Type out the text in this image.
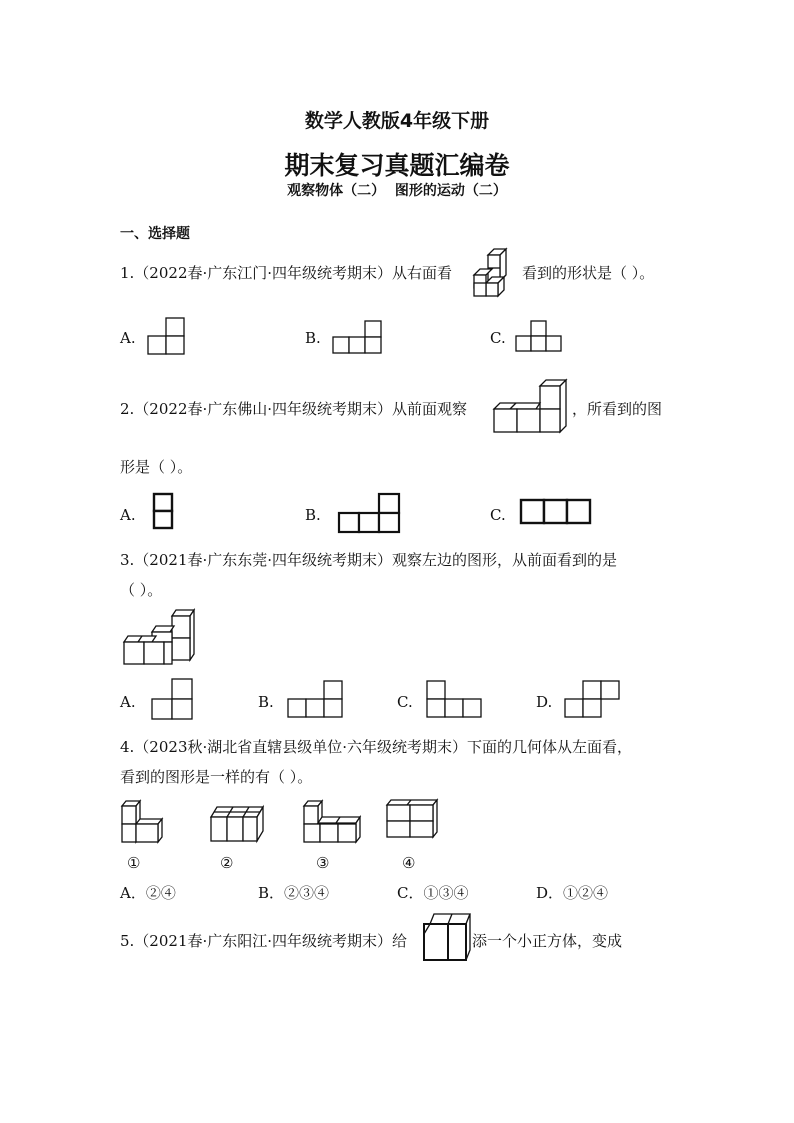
数学人教版4年级下册
期末复习真题汇编卷
观察物体（二）  图形的运动（二）
一、选择题
1.（2022春·广东江门·四年级统考期末）从右面看	看到的形状是（ ）。
A.	B.	C.
2.（2022春·广东佛山·四年级统考期末）从前面观察	，所看到的图
形是（ ）。
A.	B.	C.
3.（2021春·广东东莞·四年级统考期末）观察左边的图形，从前面看到的是
（ ）。
A.	B.	C.	D.
4.（2023秋·湖北省直辖县级单位·六年级统考期末）下面的几何体从左面看，
看到的图形是一样的有（ ）。
①	②	③	④
A．②④	B．②③④	C．①③④	D．①②④
5.（2021春·广东阳江·四年级统考期末）给	添一个小正方体，变成
